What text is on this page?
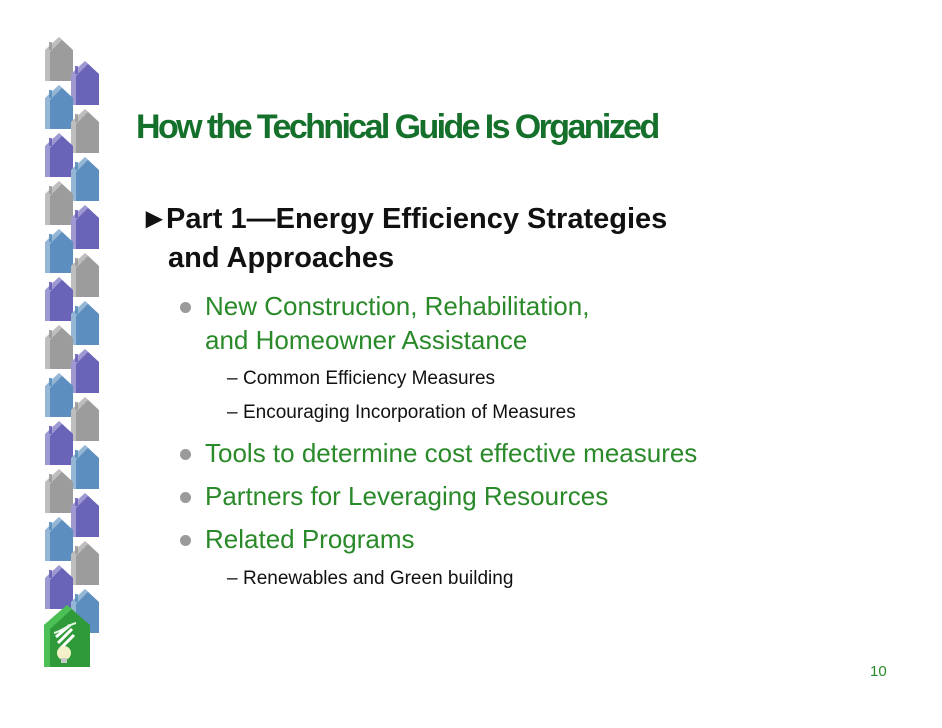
How the Technical Guide Is Organized
►Part 1—Energy Efficiency Strategies
and Approaches
New Construction, Rehabilitation,
and Homeowner Assistance
– Common Efficiency Measures
– Encouraging Incorporation of Measures
Tools to determine cost effective measures
Partners for Leveraging Resources
Related Programs
– Renewables and Green building
10
